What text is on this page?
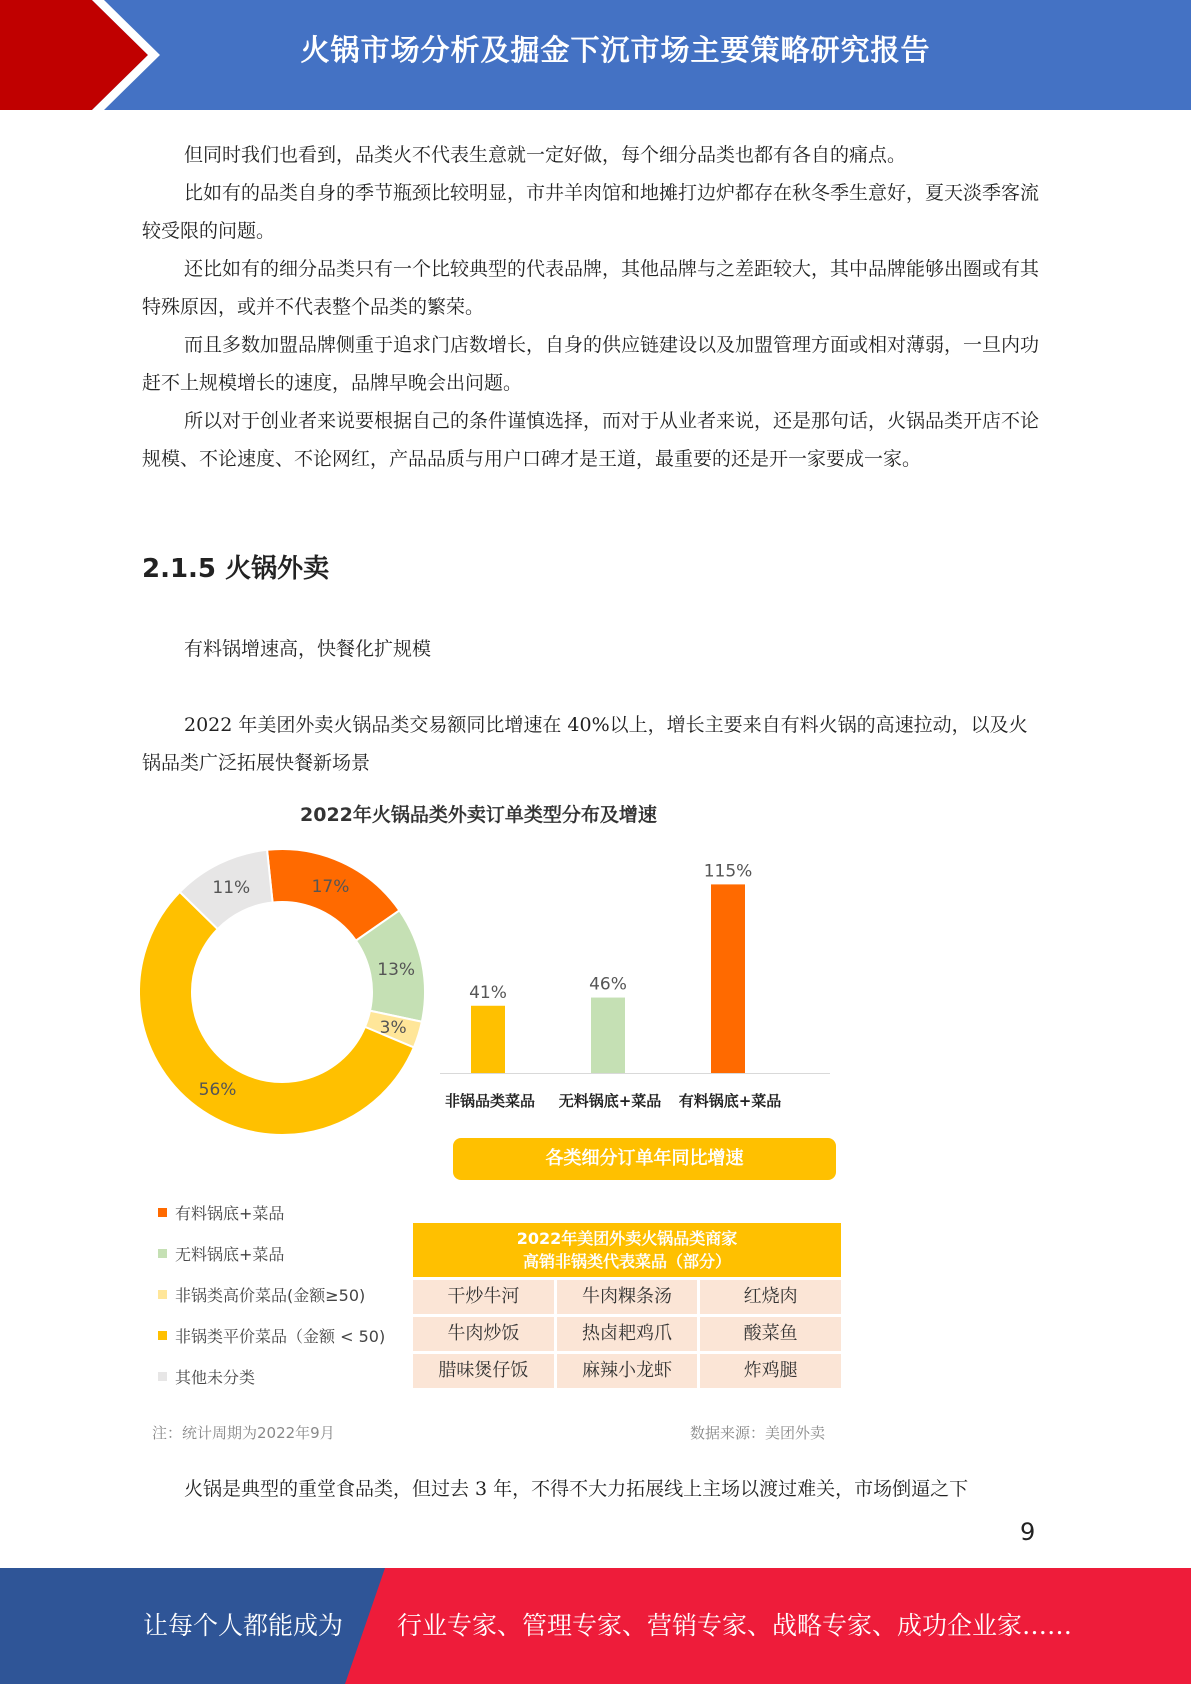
火锅市场分析及掘金下沉市场主要策略研究报告

但同时我们也看到，品类火不代表生意就一定好做，每个细分品类也都有各自的痛点。

比如有的品类自身的季节瓶颈比较明显，市井羊肉馆和地摊打边炉都存在秋冬季生意好，夏天淡季客流较受限的问题。

还比如有的细分品类只有一个比较典型的代表品牌，其他品牌与之差距较大，其中品牌能够出圈或有其特殊原因，或并不代表整个品类的繁荣。

而且多数加盟品牌侧重于追求门店数增长，自身的供应链建设以及加盟管理方面或相对薄弱，一旦内功赶不上规模增长的速度，品牌早晚会出问题。

所以对于创业者来说要根据自己的条件谨慎选择，而对于从业者来说，还是那句话，火锅品类开店不论规模、不论速度、不论网红，产品品质与用户口碑才是王道，最重要的还是开一家要成一家。

2.1.5 火锅外卖

有料锅增速高，快餐化扩规模

2022 年美团外卖火锅品类交易额同比增速在 40%以上，增长主要来自有料火锅的高速拉动，以及火锅品类广泛拓展快餐新场景

2022年火锅品类外卖订单类型分布及增速
17%
13%
3%
56%
11%
41%
非锅品类菜品
46%
无料锅底+菜品
115%
有料锅底+菜品
各类细分订单年同比增速
有料锅底+菜品
无料锅底+菜品
非锅类高价菜品(金额≥50)
非锅类平价菜品（金额 < 50)
其他未分类
2022年美团外卖火锅品类商家
高销非锅类代表菜品（部分）
干炒牛河	牛肉粿条汤	红烧肉
牛肉炒饭	热卤耙鸡爪	酸菜鱼
腊味煲仔饭	麻辣小龙虾	炸鸡腿
注：统计周期为2022年9月	数据来源：美团外卖

火锅是典型的重堂食品类，但过去 3 年，不得不大力拓展线上主场以渡过难关，市场倒逼之下

9
让每个人都能成为 行业专家、管理专家、营销专家、战略专家、成功企业家……
